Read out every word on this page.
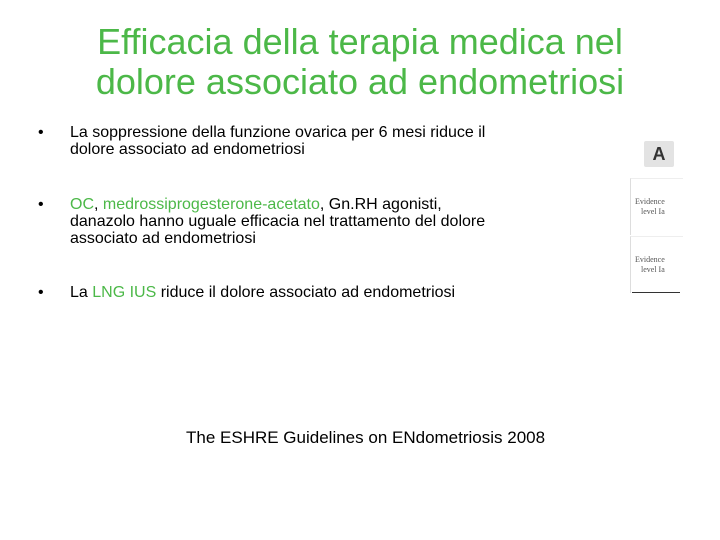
Efficacia della terapia medica nel
dolore associato ad endometriosi
• La soppressione della funzione ovarica per 6 mesi riduce il
dolore associato ad endometriosi
• OC, medrossiprogesterone-acetato, Gn.RH agonisti,
danazolo hanno uguale efficacia nel trattamento del dolore
associato ad endometriosi
• La LNG IUS riduce il dolore associato ad endometriosi
A
Evidence
level Ia
Evidence
level Ia
The ESHRE Guidelines on ENdometriosis 2008
